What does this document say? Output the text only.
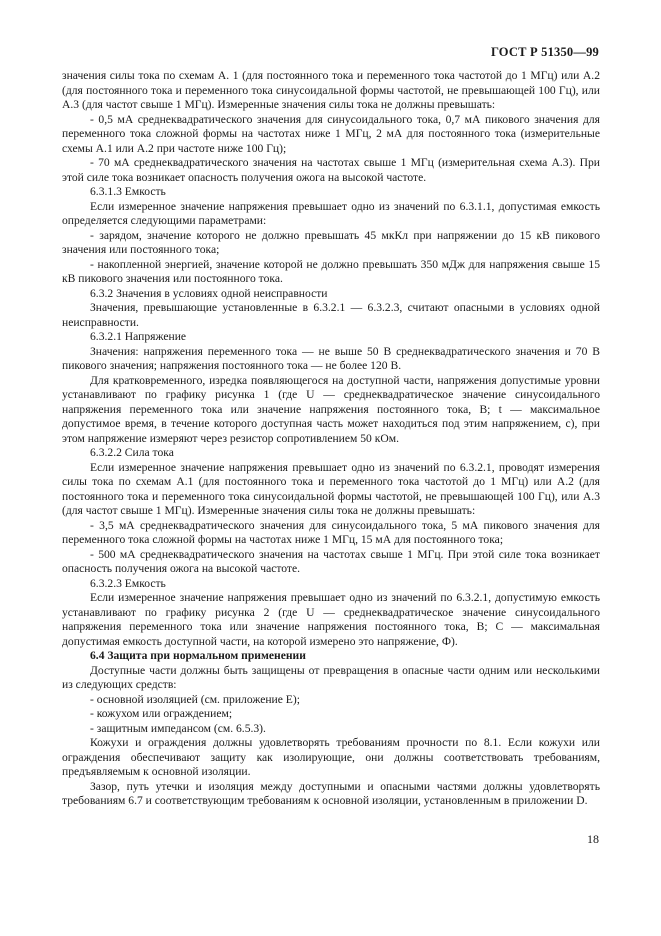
ГОСТ Р 51350—99

значения силы тока по схемам А. 1 (для постоянного тока и переменного тока частотой до 1 МГц) или А.2 (для постоянного тока и переменного тока синусоидальной формы частотой, не превышающей 100 Гц), или А.3 (для частот свыше 1 МГц). Измеренные значения силы тока не должны превышать:

- 0,5 мА среднеквадратического значения для синусоидального тока, 0,7 мА пикового значения для переменного тока сложной формы на частотах ниже 1 МГц, 2 мА для постоянного тока (измерительные схемы А.1 или А.2 при частоте ниже 100 Гц);

- 70 мА среднеквадратического значения на частотах свыше 1 МГц (измерительная схема А.3). При этой силе тока возникает опасность получения ожога на высокой частоте.

6.3.1.3 Емкость

Если измеренное значение напряжения превышает одно из значений по 6.3.1.1, допустимая емкость определяется следующими параметрами:

- зарядом, значение которого не должно превышать 45 мкКл при напряжении до 15 кВ пикового значения или постоянного тока;

- накопленной энергией, значение которой не должно превышать 350 мДж для напряжения свыше 15 кВ пикового значения или постоянного тока.

6.3.2 Значения в условиях одной неисправности

Значения, превышающие установленные в 6.3.2.1 — 6.3.2.3, считают опасными в условиях одной неисправности.

6.3.2.1 Напряжение

Значения: напряжения переменного тока — не выше 50 В среднеквадратического значения и 70 В пикового значения; напряжения постоянного тока — не более 120 В.

Для кратковременного, изредка появляющегося на доступной части, напряжения допустимые уровни устанавливают по графику рисунка 1 (где U — среднеквадратическое значение синусоидального напряжения переменного тока или значение напряжения постоянного тока, В; t — максимальное допустимое время, в течение которого доступная часть может находиться под этим напряжением, с), при этом напряжение измеряют через резистор сопротивлением 50 кОм.

6.3.2.2 Сила тока

Если измеренное значение напряжения превышает одно из значений по 6.3.2.1, проводят измерения силы тока по схемам А.1 (для постоянного тока и переменного тока частотой до 1 МГц) или А.2 (для постоянного тока и переменного тока синусоидальной формы частотой, не превышающей 100 Гц), или А.3 (для частот свыше 1 МГц). Измеренные значения силы тока не должны превышать:

- 3,5 мА среднеквадратического значения для синусоидального тока, 5 мА пикового значения для переменного тока сложной формы на частотах ниже 1 МГц, 15 мА для постоянного тока;

- 500 мА среднеквадратического значения на частотах свыше 1 МГц. При этой силе тока возникает опасность получения ожога на высокой частоте.

6.3.2.3 Емкость

Если измеренное значение напряжения превышает одно из значений по 6.3.2.1, допустимую емкость устанавливают по графику рисунка 2 (где U — среднеквадратическое значение синусоидального напряжения переменного тока или значение напряжения постоянного тока, В; C — максимальная допустимая емкость доступной части, на которой измерено это напряжение, Ф).

6.4 Защита при нормальном применении

Доступные части должны быть защищены от превращения в опасные части одним или несколькими из следующих средств:

- основной изоляцией (см. приложение Е);

- кожухом или ограждением;

- защитным импедансом (см. 6.5.3).

Кожухи и ограждения должны удовлетворять требованиям прочности по 8.1. Если кожухи или ограждения обеспечивают защиту как изолирующие, они должны соответствовать требованиям, предъявляемым к основной изоляции.

Зазор, путь утечки и изоляция между доступными и опасными частями должны удовлетворять требованиям 6.7 и соответствующим требованиям к основной изоляции, установленным в приложении D.

18
